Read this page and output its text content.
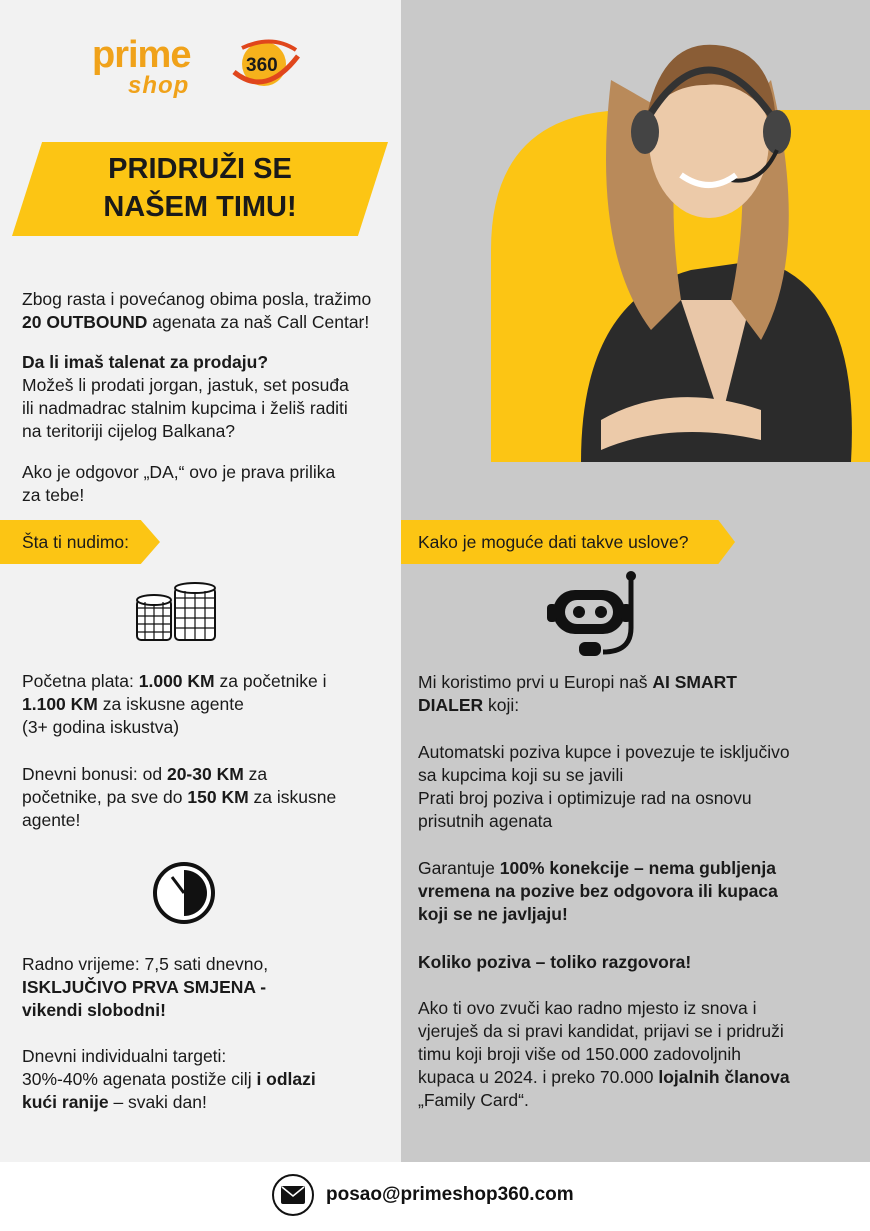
prime
shop
360
PRIDRUŽI SE
NAŠEM TIMU!
Zbog rasta i povećanog obima posla, tražimo
20 OUTBOUND agenata za naš Call Centar!
Da li imaš talenat za prodaju?
Možeš li prodati jorgan, jastuk, set posuđa
ili nadmadrac stalnim kupcima i želiš raditi
na teritoriji cijelog Balkana?
Ako je odgovor „DA,“ ovo je prava prilika
za tebe!
Šta ti nudimo:	Kako je moguće dati takve uslove?
Početna plata: 1.000 KM za početnike i
1.100 KM za iskusne agente
(3+ godina iskustva)
Dnevni bonusi: od 20-30 KM za
početnike, pa sve do 150 KM za iskusne
agente!
Radno vrijeme: 7,5 sati dnevno,
ISKLJUČIVO PRVA SMJENA -
vikendi slobodni!
Dnevni individualni targeti:
30%-40% agenata postiže cilj i odlazi
kući ranije – svaki dan!
Mi koristimo prvi u Europi naš AI SMART
DIALER koji:
Automatski poziva kupce i povezuje te isključivo
sa kupcima koji su se javili
Prati broj poziva i optimizuje rad na osnovu
prisutnih agenata
Garantuje 100% konekcije – nema gubljenja
vremena na pozive bez odgovora ili kupaca
koji se ne javljaju!
Koliko poziva – toliko razgovora!
Ako ti ovo zvuči kao radno mjesto iz snova i
vjeruješ da si pravi kandidat, prijavi se i pridruži
timu koji broji više od 150.000 zadovoljnih
kupaca u 2024. i preko 70.000 lojalnih članova
„Family Card“.
posao@primeshop360.com
